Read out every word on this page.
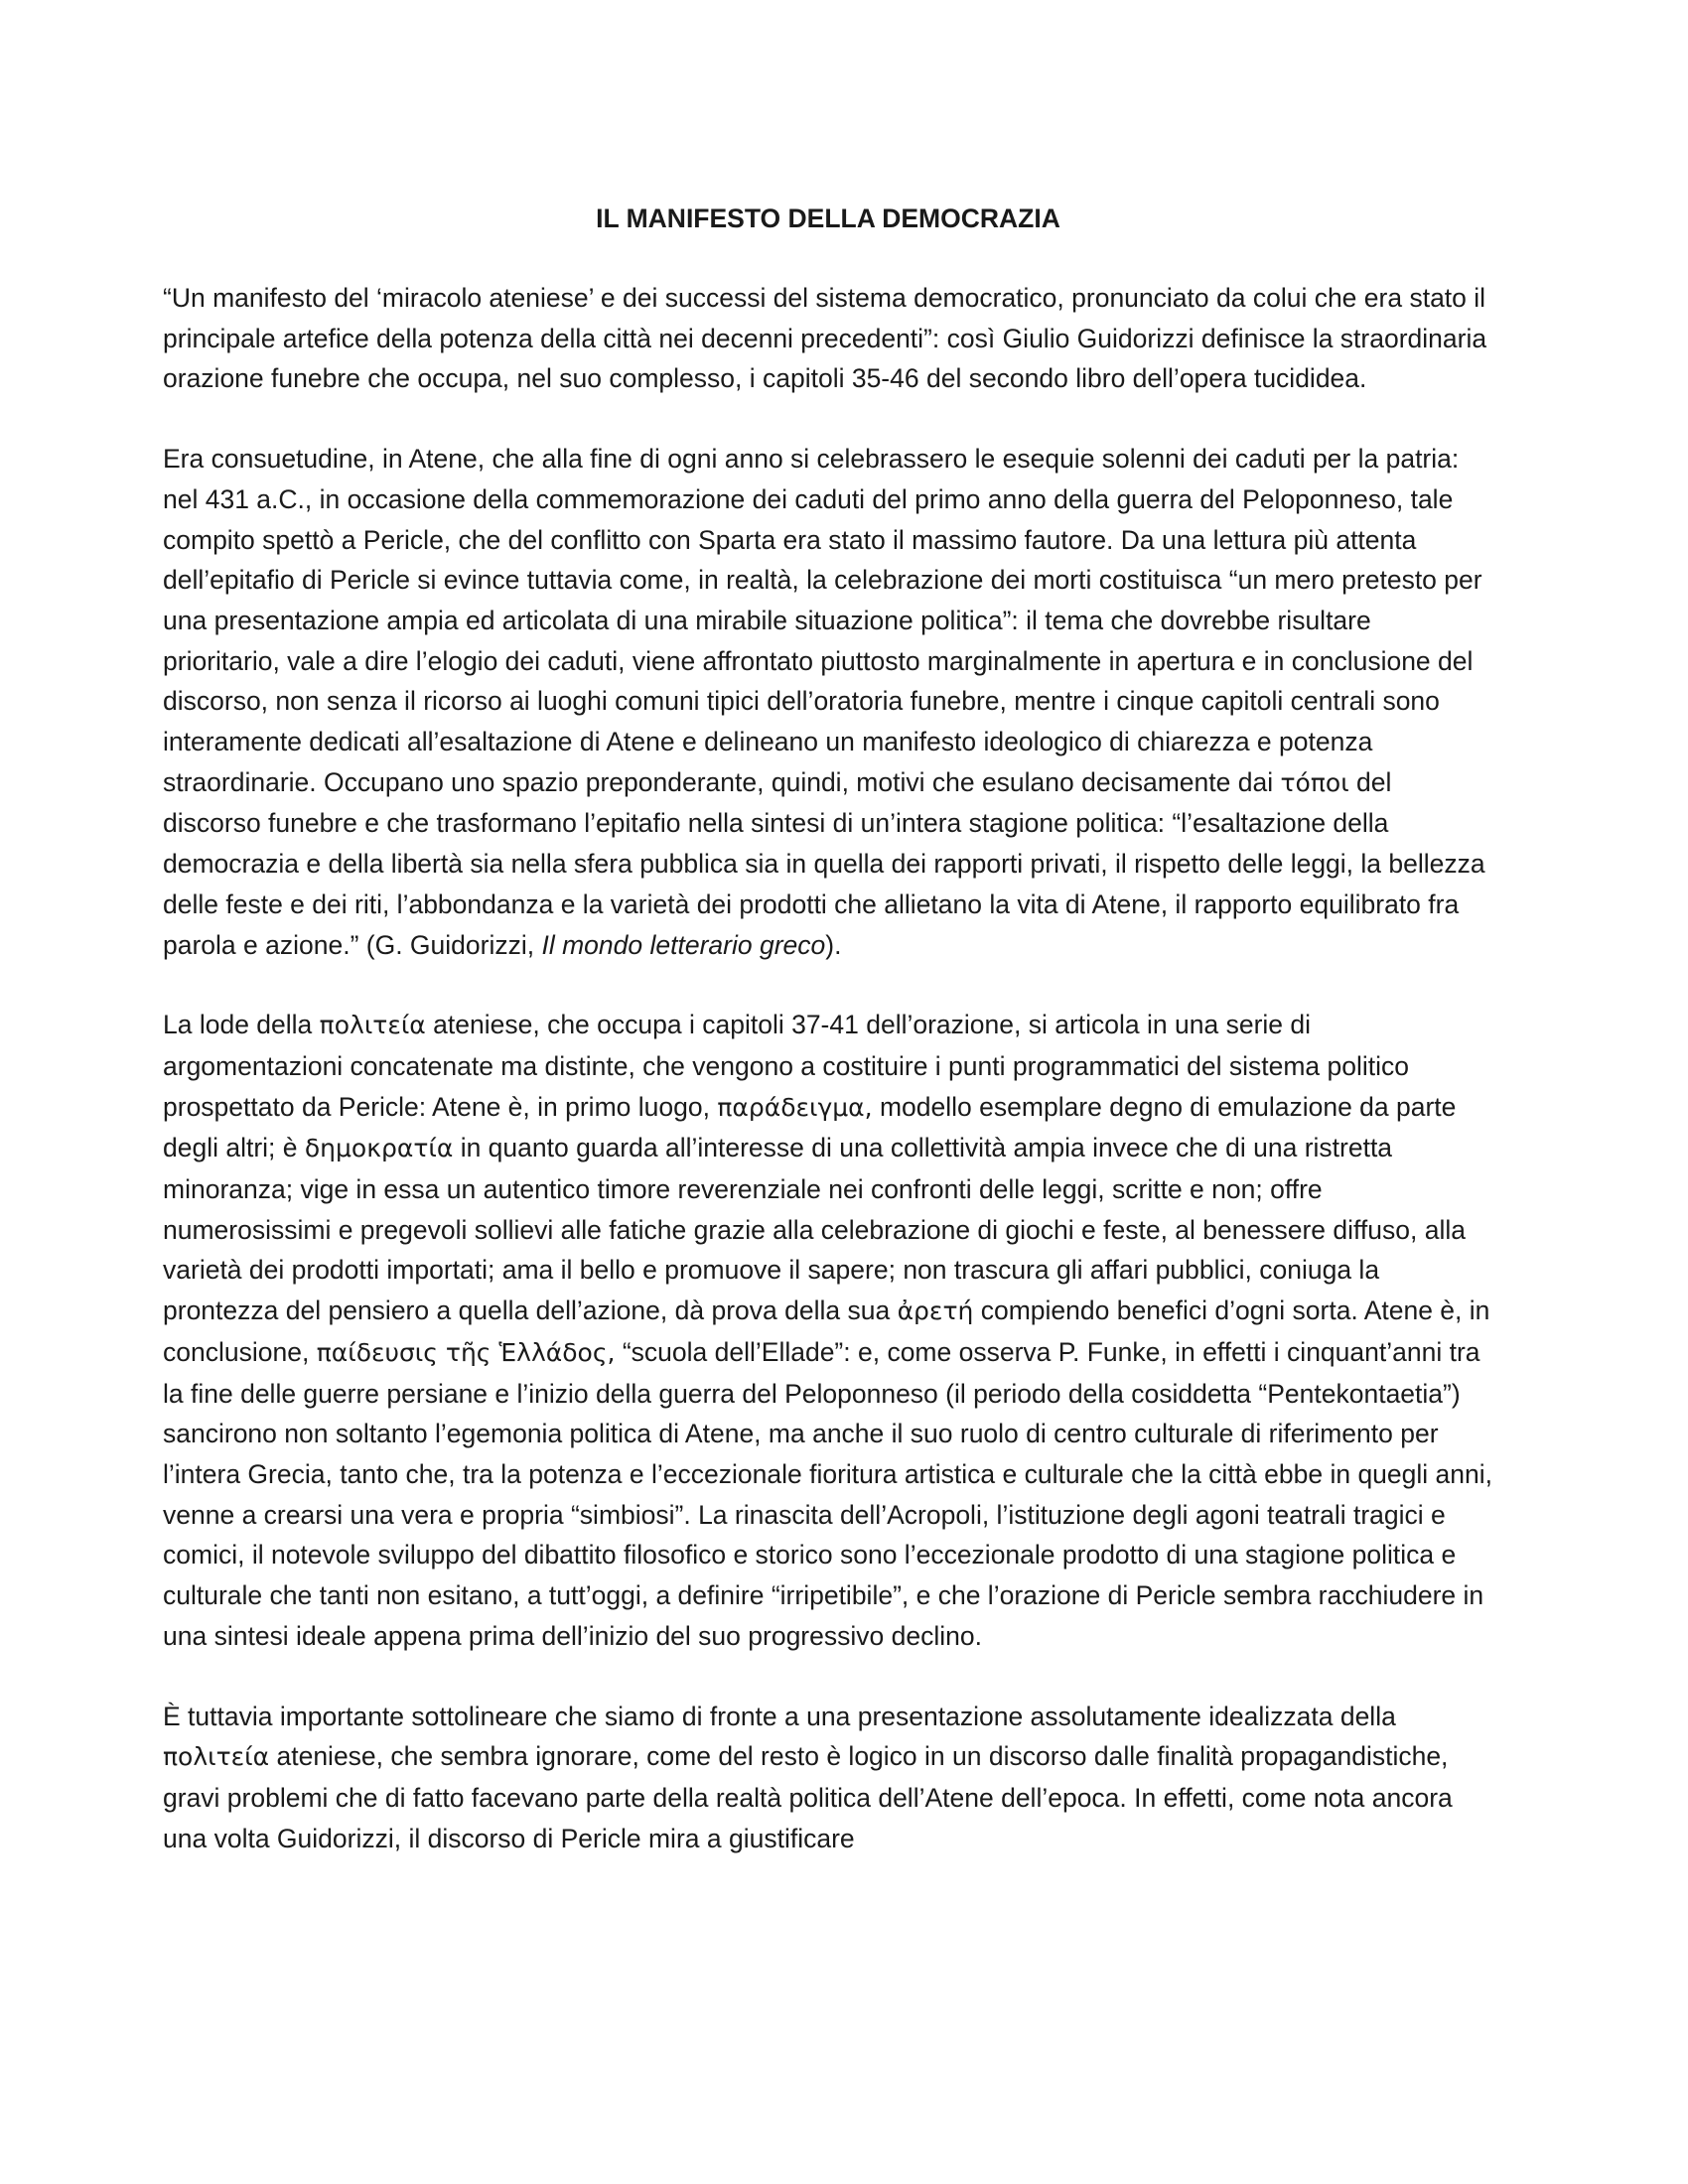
IL MANIFESTO DELLA DEMOCRAZIA

“Un manifesto del ‘miracolo ateniese’ e dei successi del sistema democratico, pronunciato da colui che era stato il principale artefice della potenza della città nei decenni precedenti”: così Giulio Guidorizzi definisce la straordinaria orazione funebre che occupa, nel suo complesso, i capitoli 35-46 del secondo libro dell’opera tucididea.

Era consuetudine, in Atene, che alla fine di ogni anno si celebrassero le esequie solenni dei caduti per la patria: nel 431 a.C., in occasione della commemorazione dei caduti del primo anno della guerra del Peloponneso, tale compito spettò a Pericle, che del conflitto con Sparta era stato il massimo fautore. Da una lettura più attenta dell’epitafio di Pericle si evince tuttavia come, in realtà, la celebrazione dei morti costituisca “un mero pretesto per una presentazione ampia ed articolata di una mirabile situazione politica”: il tema che dovrebbe risultare prioritario, vale a dire l’elogio dei caduti, viene affrontato piuttosto marginalmente in apertura e in conclusione del discorso, non senza il ricorso ai luoghi comuni tipici dell’oratoria funebre, mentre i cinque capitoli centrali sono interamente dedicati all’esaltazione di Atene e delineano un manifesto ideologico di chiarezza e potenza straordinarie. Occupano uno spazio preponderante, quindi, motivi che esulano decisamente dai τόποι del discorso funebre e che trasformano l’epitafio nella sintesi di un’intera stagione politica: “l’esaltazione della democrazia e della libertà sia nella sfera pubblica sia in quella dei rapporti privati, il rispetto delle leggi, la bellezza delle feste e dei riti, l’abbondanza e la varietà dei prodotti che allietano la vita di Atene, il rapporto equilibrato fra parola e azione.” (G. Guidorizzi, Il mondo letterario greco).

La lode della πολιτεία ateniese, che occupa i capitoli 37-41 dell’orazione, si articola in una serie di argomentazioni concatenate ma distinte, che vengono a costituire i punti programmatici del sistema politico prospettato da Pericle: Atene è, in primo luogo, παράδειγμα, modello esemplare degno di emulazione da parte degli altri; è δημοκρατία in quanto guarda all’interesse di una collettività ampia invece che di una ristretta minoranza; vige in essa un autentico timore reverenziale nei confronti delle leggi, scritte e non; offre numerosissimi e pregevoli sollievi alle fatiche grazie alla celebrazione di giochi e feste, al benessere diffuso, alla varietà dei prodotti importati; ama il bello e promuove il sapere; non trascura gli affari pubblici, coniuga la prontezza del pensiero a quella dell’azione, dà prova della sua ἀρετή compiendo benefici d’ogni sorta. Atene è, in conclusione, παίδευσις τῆς Ἑλλάδος, “scuola dell’Ellade”: e, come osserva P. Funke, in effetti i cinquant’anni tra la fine delle guerre persiane e l’inizio della guerra del Peloponneso (il periodo della cosiddetta “Pentekontaetia”) sancirono non soltanto l’egemonia politica di Atene, ma anche il suo ruolo di centro culturale di riferimento per l’intera Grecia, tanto che, tra la potenza e l’eccezionale fioritura artistica e culturale che la città ebbe in quegli anni, venne a crearsi una vera e propria “simbiosi”. La rinascita dell’Acropoli, l’istituzione degli agoni teatrali tragici e comici, il notevole sviluppo del dibattito filosofico e storico sono l’eccezionale prodotto di una stagione politica e culturale che tanti non esitano, a tutt’oggi, a definire “irripetibile”, e che l’orazione di Pericle sembra racchiudere in una sintesi ideale appena prima dell’inizio del suo progressivo declino.

È tuttavia importante sottolineare che siamo di fronte a una presentazione assolutamente idealizzata della πολιτεία ateniese, che sembra ignorare, come del resto è logico in un discorso dalle finalità propagandistiche, gravi problemi che di fatto facevano parte della realtà politica dell’Atene dell’epoca. In effetti, come nota ancora una volta Guidorizzi, il discorso di Pericle mira a giustificare
